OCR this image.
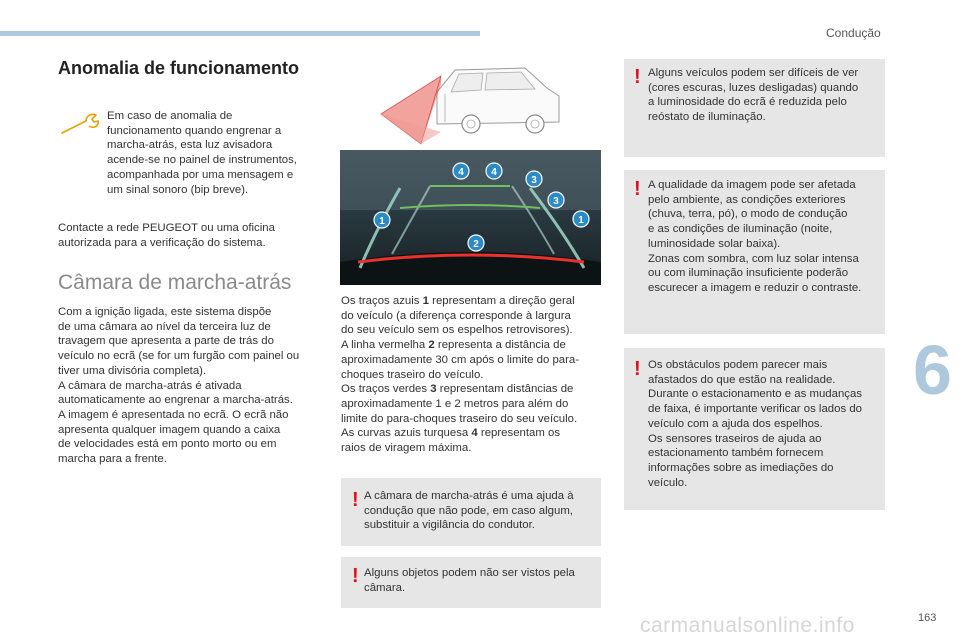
Condução
Anomalia de funcionamento
Em caso de anomalia de
funcionamento quando engrenar a
marcha-atrás, esta luz avisadora
acende-se no painel de instrumentos,
acompanhada por uma mensagem e
um sinal sonoro (bip breve).
Contacte a rede PEUGEOT ou uma oficina
autorizada para a verificação do sistema.
Câmara de marcha-atrás
Com a ignição ligada, este sistema dispõe
de uma câmara ao nível da terceira luz de
travagem que apresenta a parte de trás do
veículo no ecrã (se for um furgão com painel ou
tiver uma divisória completa).
A câmara de marcha-atrás é ativada
automaticamente ao engrenar a marcha-atrás.
A imagem é apresentada no ecrã. O ecrã não
apresenta qualquer imagem quando a caixa
de velocidades está em ponto morto ou em
marcha para a frente.
4	4
3
3
1	1
2
Os traços azuis 1 representam a direção geral
do veículo (a diferença corresponde à largura
do seu veículo sem os espelhos retrovisores).
A linha vermelha 2 representa a distância de
aproximadamente 30 cm após o limite do para-
choques traseiro do veículo.
Os traços verdes 3 representam distâncias de
aproximadamente 1 e 2 metros para além do
limite do para-choques traseiro do seu veículo.
As curvas azuis turquesa 4 representam os
raios de viragem máxima.
! A câmara de marcha-atrás é uma ajuda à
condução que não pode, em caso algum,
substituir a vigilância do condutor.
! Alguns objetos podem não ser vistos pela
câmara.
! Alguns veículos podem ser difíceis de ver
(cores escuras, luzes desligadas) quando
a luminosidade do ecrã é reduzida pelo
reóstato de iluminação.
! A qualidade da imagem pode ser afetada
pelo ambiente, as condições exteriores
(chuva, terra, pó), o modo de condução
e as condições de iluminação (noite,
luminosidade solar baixa).
Zonas com sombra, com luz solar intensa
ou com iluminação insuficiente poderão
escurecer a imagem e reduzir o contraste.
! Os obstáculos podem parecer mais
afastados do que estão na realidade.
Durante o estacionamento e as mudanças
de faixa, é importante verificar os lados do
veículo com a ajuda dos espelhos.
Os sensores traseiros de ajuda ao
estacionamento também fornecem
informações sobre as imediações do
veículo.
6
carmanualsonline.info	163
